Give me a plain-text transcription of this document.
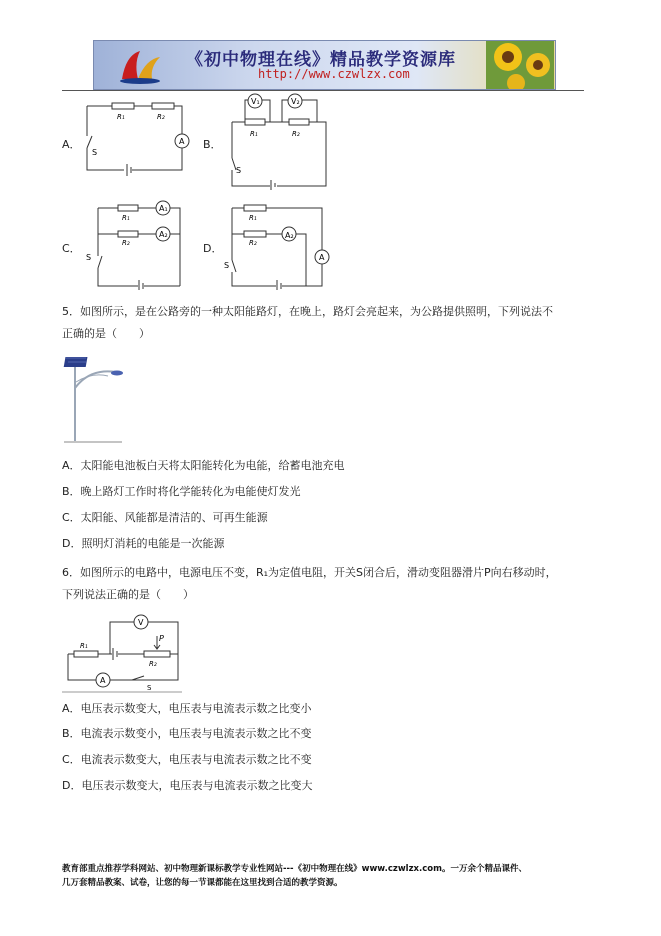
《初中物理在线》精品教学资源库
http://www.czwlzx.com
A．
R₁	R₂
A
S
B．
V₁	V₂
R₁	R₂
S
C．
R₁
R₂
A₁
A₂
S
D．
R₁
R₂
A₂
A
S
5．如图所示，是在公路旁的一种太阳能路灯，在晚上，路灯会亮起来，为公路提供照明，下列说法不
正确的是（　　）
A．太阳能电池板白天将太阳能转化为电能，给蓄电池充电
B．晚上路灯工作时将化学能转化为电能使灯发光
C．太阳能、风能都是清洁的、可再生能源
D．照明灯消耗的电能是一次能源
6．如图所示的电路中，电源电压不变，R₁为定值电阻，开关S闭合后，滑动变阻器滑片P向右移动时，
下列说法正确的是（　　）
V
P
R₁
R₂
A
S
A．电压表示数变大，电压表与电流表示数之比变小
B．电流表示数变小，电压表与电流表示数之比不变
C．电流表示数变大，电压表与电流表示数之比不变
D．电压表示数变大，电压表与电流表示数之比变大
教育部重点推荐学科网站、初中物理新课标教学专业性网站---《初中物理在线》www.czwlzx.com。一万余个精品课件、
几万套精品教案、试卷，让您的每一节课都能在这里找到合适的教学资源。
